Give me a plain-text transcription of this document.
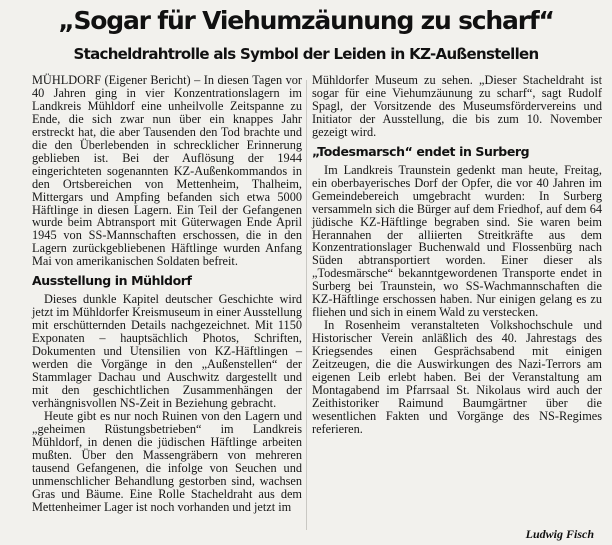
„Sogar für Viehumzäunung zu scharf“
Stacheldrahtrolle als Symbol der Leiden in KZ-Außenstellen

MÜHLDORF (Eigener Bericht) – In diesen Tagen vor 40 Jahren ging in vier Konzentrationslagern im Landkreis Mühldorf eine unheilvolle Zeitspanne zu Ende, die sich zwar nun über ein knappes Jahr erstreckt hat, die aber Tausenden den Tod brachte und die den Überlebenden in schrecklicher Erinnerung geblieben ist. Bei der Auflösung der 1944 eingerichteten sogenannten KZ-Außenkommandos in den Ortsbereichen von Mettenheim, Thalheim, Mittergars und Ampfing befanden sich etwa 5000 Häftlinge in diesen Lagern. Ein Teil der Gefangenen wurde beim Abtransport mit Güterwagen Ende April 1945 von SS-Mannschaften erschossen, die in den Lagern zurückgebliebenen Häftlinge wurden Anfang Mai von amerikanischen Soldaten befreit.

Ausstellung in Mühldorf

Dieses dunkle Kapitel deutscher Geschichte wird jetzt im Mühldorfer Kreismuseum in einer Ausstellung mit erschütternden Details nachgezeichnet. Mit 1150 Exponaten – hauptsächlich Photos, Schriften, Dokumenten und Utensilien von KZ-Häftlingen – werden die Vorgänge in den „Außenstellen“ der Stammlager Dachau und Auschwitz dargestellt und mit den geschichtlichen Zusammenhängen der verhängnisvollen NS-Zeit in Beziehung gebracht.

Heute gibt es nur noch Ruinen von den Lagern und „geheimen Rüstungsbetrieben“ im Landkreis Mühldorf, in denen die jüdischen Häftlinge arbeiten mußten. Über den Massengräbern von mehreren tausend Gefangenen, die infolge von Seuchen und unmenschlicher Behandlung gestorben sind, wachsen Gras und Bäume. Eine Rolle Stacheldraht aus dem Mettenheimer Lager ist noch vorhanden und jetzt im

Mühldorfer Museum zu sehen. „Dieser Stacheldraht ist sogar für eine Viehumzäunung zu scharf“, sagt Rudolf Spagl, der Vorsitzende des Museumsfördervereins und Initiator der Ausstellung, die bis zum 10. November gezeigt wird.

„Todesmarsch“ endet in Surberg

Im Landkreis Traunstein gedenkt man heute, Freitag, ein oberbayerisches Dorf der Opfer, die vor 40 Jahren im Gemeindebereich umgebracht wurden: In Surberg versammeln sich die Bürger auf dem Friedhof, auf dem 64 jüdische KZ-Häftlinge begraben sind. Sie waren beim Herannahen der alliierten Streitkräfte aus dem Konzentrationslager Buchenwald und Flossenbürg nach Süden abtransportiert worden. Einer dieser als „Todesmärsche“ bekanntgewordenen Transporte endet in Surberg bei Traunstein, wo SS-Wachmannschaften die KZ-Häftlinge erschossen haben. Nur einigen gelang es zu fliehen und sich in einem Wald zu verstecken.

In Rosenheim veranstalteten Volkshochschule und Historischer Verein anläßlich des 40. Jahrestags des Kriegsendes einen Gesprächsabend mit einigen Zeitzeugen, die die Auswirkungen des Nazi-Terrors am eigenen Leib erlebt haben. Bei der Veranstaltung am Montagabend im Pfarrsaal St. Nikolaus wird auch der Zeithistoriker Raimund Baumgärtner über die wesentlichen Fakten und Vorgänge des NS-Regimes referieren.

Ludwig Fisch
